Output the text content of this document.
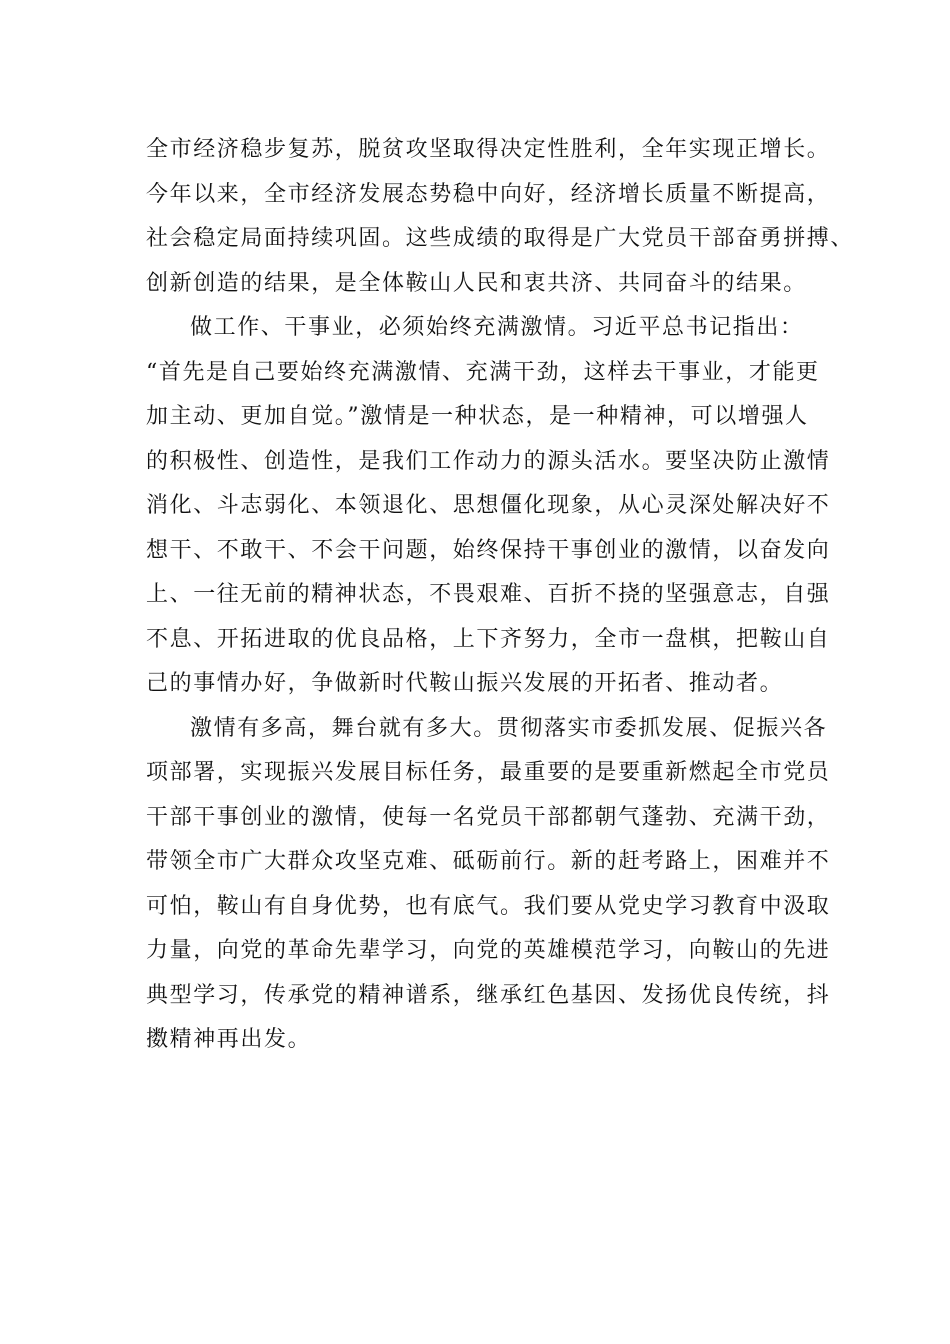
全市经济稳步复苏，脱贫攻坚取得决定性胜利，全年实现正增长。
今年以来，全市经济发展态势稳中向好，经济增长质量不断提高，
社会稳定局面持续巩固。这些成绩的取得是广大党员干部奋勇拼搏、
创新创造的结果，是全体鞍山人民和衷共济、共同奋斗的结果。
做工作、干事业，必须始终充满激情。习近平总书记指出：
“首先是自己要始终充满激情、充满干劲，这样去干事业，才能更
加主动、更加自觉。”激情是一种状态，是一种精神，可以增强人
的积极性、创造性，是我们工作动力的源头活水。要坚决防止激情
消化、斗志弱化、本领退化、思想僵化现象，从心灵深处解决好不
想干、不敢干、不会干问题，始终保持干事创业的激情，以奋发向
上、一往无前的精神状态，不畏艰难、百折不挠的坚强意志，自强
不息、开拓进取的优良品格，上下齐努力，全市一盘棋，把鞍山自
己的事情办好，争做新时代鞍山振兴发展的开拓者、推动者。
激情有多高，舞台就有多大。贯彻落实市委抓发展、促振兴各
项部署，实现振兴发展目标任务，最重要的是要重新燃起全市党员
干部干事创业的激情，使每一名党员干部都朝气蓬勃、充满干劲，
带领全市广大群众攻坚克难、砥砺前行。新的赶考路上，困难并不
可怕，鞍山有自身优势，也有底气。我们要从党史学习教育中汲取
力量，向党的革命先辈学习，向党的英雄模范学习，向鞍山的先进
典型学习，传承党的精神谱系，继承红色基因、发扬优良传统，抖
擞精神再出发。
